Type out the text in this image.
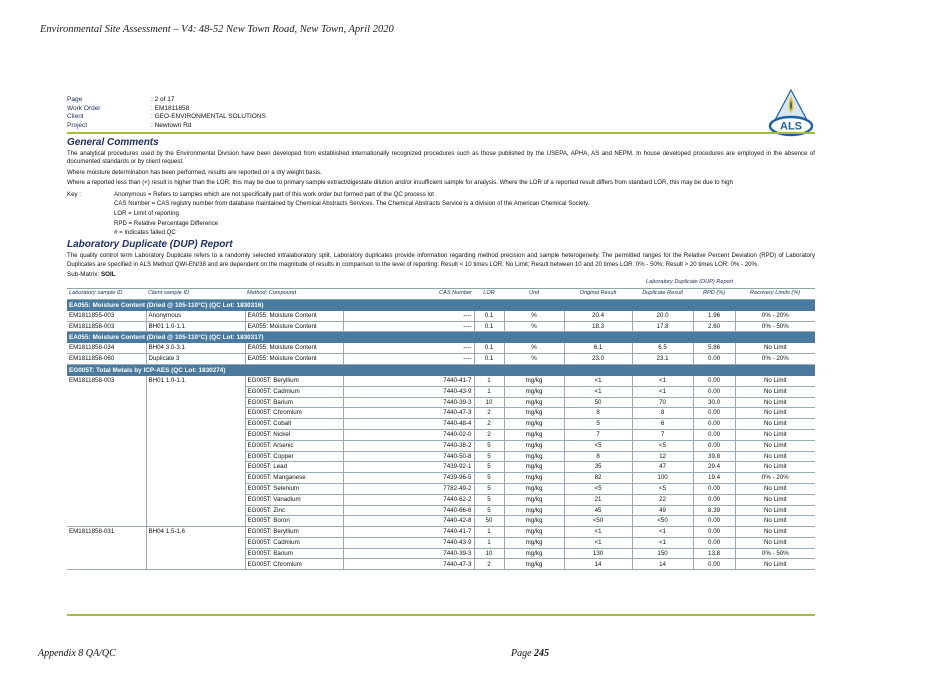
Environmental Site Assessment – V4: 48-52 New Town Road, New Town, April 2020
ALS
Page	: 2 of 17
Work Order	: EM1811858
Client	: GEO-ENVIRONMENTAL SOLUTIONS
Project	: Newtown Rd
General Comments

The analytical procedures used by the Environmental Division have been developed from established internationally recognized procedures such as those published by the USEPA, APHA, AS and NEPM. In house developed procedures are employed in the absence of documented standards or by client request.

Where moisture determination has been performed, results are reported on a dry weight basis.

Where a reported less than (<) result is higher than the LOR, this may be due to primary sample extract/digestate dilution and/or insufficient sample for analysis. Where the LOR of a reported result differs from standard LOR, this may be due to high

Key :	Anonymous = Refers to samples which are not specifically part of this work order but formed part of the QC process lot
CAS Number = CAS registry number from database maintained by Chemical Abstracts Services. The Chemical Abstracts Service is a division of the American Chemical Society.
LOR = Limit of reporting
RPD = Relative Percentage Difference
# = Indicates failed QC
Laboratory Duplicate (DUP) Report

The quality control term Laboratory Duplicate refers to a randomly selected intralaboratory split. Laboratory duplicates provide information regarding method precision and sample heterogeneity. The permitted ranges for the Relative Percent Deviation (RPD) of Laboratory Duplicates are specified in ALS Method QWI-EN/38 and are dependent on the magnitude of results in comparison to the level of reporting: Result < 10 times LOR: No Limit; Result between 10 and 20 times LOR: 0% - 50%; Result > 20 times LOR: 0% - 20%.

Sub-Matrix: SOIL
						Laboratory Duplicate (DUP) Report			
Laboratory sample ID	Client sample ID	Method: Compound	CAS Number	LOR	Unit	Original Result	Duplicate Result	RPD (%)	Recovery Limits (%)
EA055: Moisture Content (Dried @ 105-110°C) (QC Lot: 1830316)									
EM1811855-003	Anonymous	EA055: Moisture Content	----	0.1	%	20.4	20.0	1.96	0% - 20%
EM1811858-003	BH01 1.0-1.1	EA055: Moisture Content	----	0.1	%	18.3	17.8	2.60	0% - 50%
EA055: Moisture Content (Dried @ 105-110°C) (QC Lot: 1830317)									
EM1811858-034	BH04 3.0-3.1	EA055: Moisture Content	----	0.1	%	6.1	6.5	5.86	No Limit
EM1811858-060	Duplicate 3	EA055: Moisture Content	----	0.1	%	23.0	23.1	0.00	0% - 20%
EG005T: Total Metals by ICP-AES (QC Lot: 1830274)									
EM1811858-003	BH01 1.0-1.1	EG005T: Beryllium	7440-41-7	1	mg/kg	<1	<1	0.00	No Limit
		EG005T: Cadmium	7440-43-9	1	mg/kg	<1	<1	0.00	No Limit
		EG005T: Barium	7440-39-3	10	mg/kg	50	70	30.0	No Limit
		EG005T: Chromium	7440-47-3	2	mg/kg	8	8	0.00	No Limit
		EG005T: Cobalt	7440-48-4	2	mg/kg	5	6	0.00	No Limit
		EG005T: Nickel	7440-02-0	2	mg/kg	7	7	0.00	No Limit
		EG005T: Arsenic	7440-38-2	5	mg/kg	<5	<5	0.00	No Limit
		EG005T: Copper	7440-50-8	5	mg/kg	8	12	39.8	No Limit
		EG005T: Lead	7439-92-1	5	mg/kg	35	47	29.4	No Limit
		EG005T: Manganese	7439-96-5	5	mg/kg	82	100	19.4	0% - 20%
		EG005T: Selenium	7782-49-2	5	mg/kg	<5	<5	0.00	No Limit
		EG005T: Vanadium	7440-62-2	5	mg/kg	21	22	0.00	No Limit
		EG005T: Zinc	7440-66-6	5	mg/kg	45	49	8.39	No Limit
		EG005T: Boron	7440-42-8	50	mg/kg	<50	<50	0.00	No Limit
EM1811858-031	BH04 1.5-1.6	EG005T: Beryllium	7440-41-7	1	mg/kg	<1	<1	0.00	No Limit
		EG005T: Cadmium	7440-43-9	1	mg/kg	<1	<1	0.00	No Limit
		EG005T: Barium	7440-39-3	10	mg/kg	130	150	13.8	0% - 50%
		EG005T: Chromium	7440-47-3	2	mg/kg	14	14	0.00	No Limit
Appendix 8 QA/QC	Page 245
